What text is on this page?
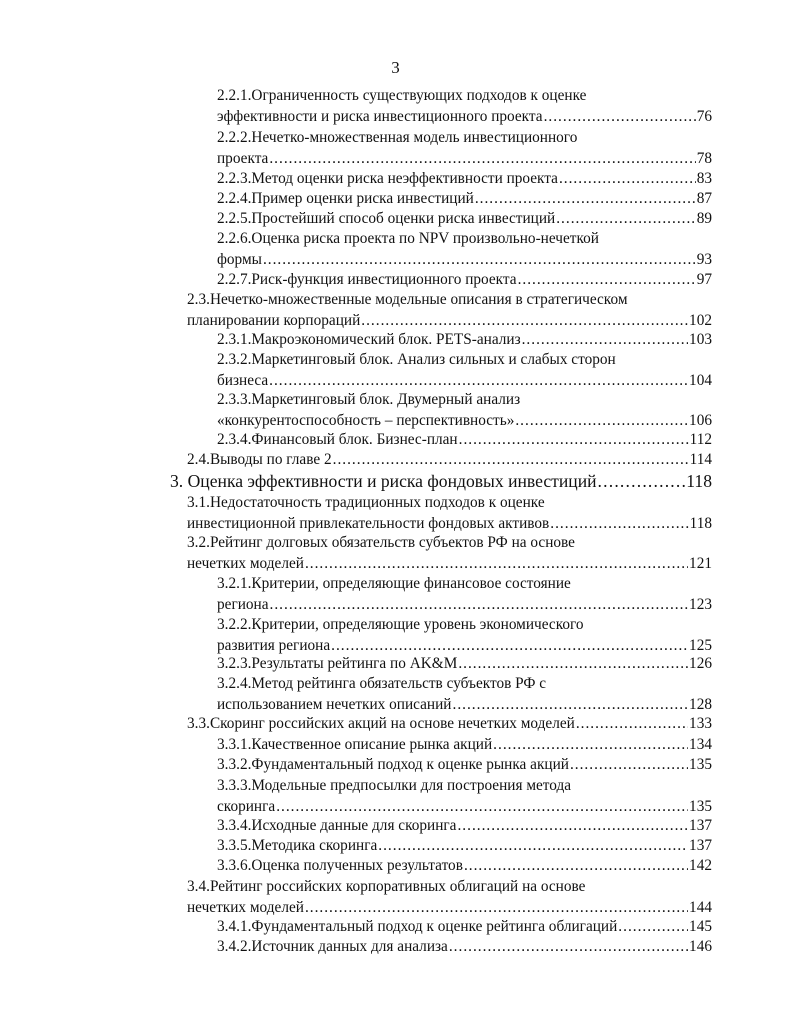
3
2.2.1.Ограниченность существующих подходов к оценке
эффективности и риска инвестиционного проекта .....	76
2.2.2.Нечетко-множественная модель инвестиционного
проекта .....	78
2.2.3.Метод оценки риска неэффективности проекта .....	83
2.2.4.Пример оценки риска инвестиций .....	87
2.2.5.Простейший способ оценки риска инвестиций .....	89
2.2.6.Оценка риска проекта по NPV произвольно-нечеткой
формы .....	93
2.2.7.Риск-функция инвестиционного проекта .....	97
2.3.Нечетко-множественные модельные описания в стратегическом
планировании корпораций .....	102
2.3.1.Макроэкономический блок. PETS-анализ .....	103
2.3.2.Маркетинговый блок. Анализ сильных и слабых сторон
бизнеса .....	104
2.3.3.Маркетинговый блок. Двумерный анализ
«конкурентоспособность – перспективность» .....	106
2.3.4.Финансовый блок. Бизнес-план .....	112
2.4.Выводы по главе 2 .....	114
3. Оценка эффективности и риска фондовых инвестиций .....	118
3.1.Недостаточность традиционных подходов к оценке
инвестиционной привлекательности фондовых активов .....	118
3.2.Рейтинг долговых обязательств субъектов РФ на основе
нечетких моделей .....	121
3.2.1.Критерии, определяющие финансовое состояние
региона .....	123
3.2.2.Критерии, определяющие уровень экономического
развития региона .....	125
3.2.3.Результаты рейтинга по AK&M .....	126
3.2.4.Метод рейтинга обязательств субъектов РФ с
использованием нечетких описаний .....	128
3.3.Скоринг российских акций на основе нечетких моделей .....	133
3.3.1.Качественное описание рынка акций .....	134
3.3.2.Фундаментальный подход к оценке рынка акций .....	135
3.3.3.Модельные предпосылки для построения метода
скоринга .....	135
3.3.4.Исходные данные для скоринга .....	137
3.3.5.Методика скоринга .....	137
3.3.6.Оценка полученных результатов .....	142
3.4.Рейтинг российских корпоративных облигаций на основе
нечетких моделей .....	144
3.4.1.Фундаментальный подход к оценке рейтинга облигаций .....	145
3.4.2.Источник данных для анализа .....	146
